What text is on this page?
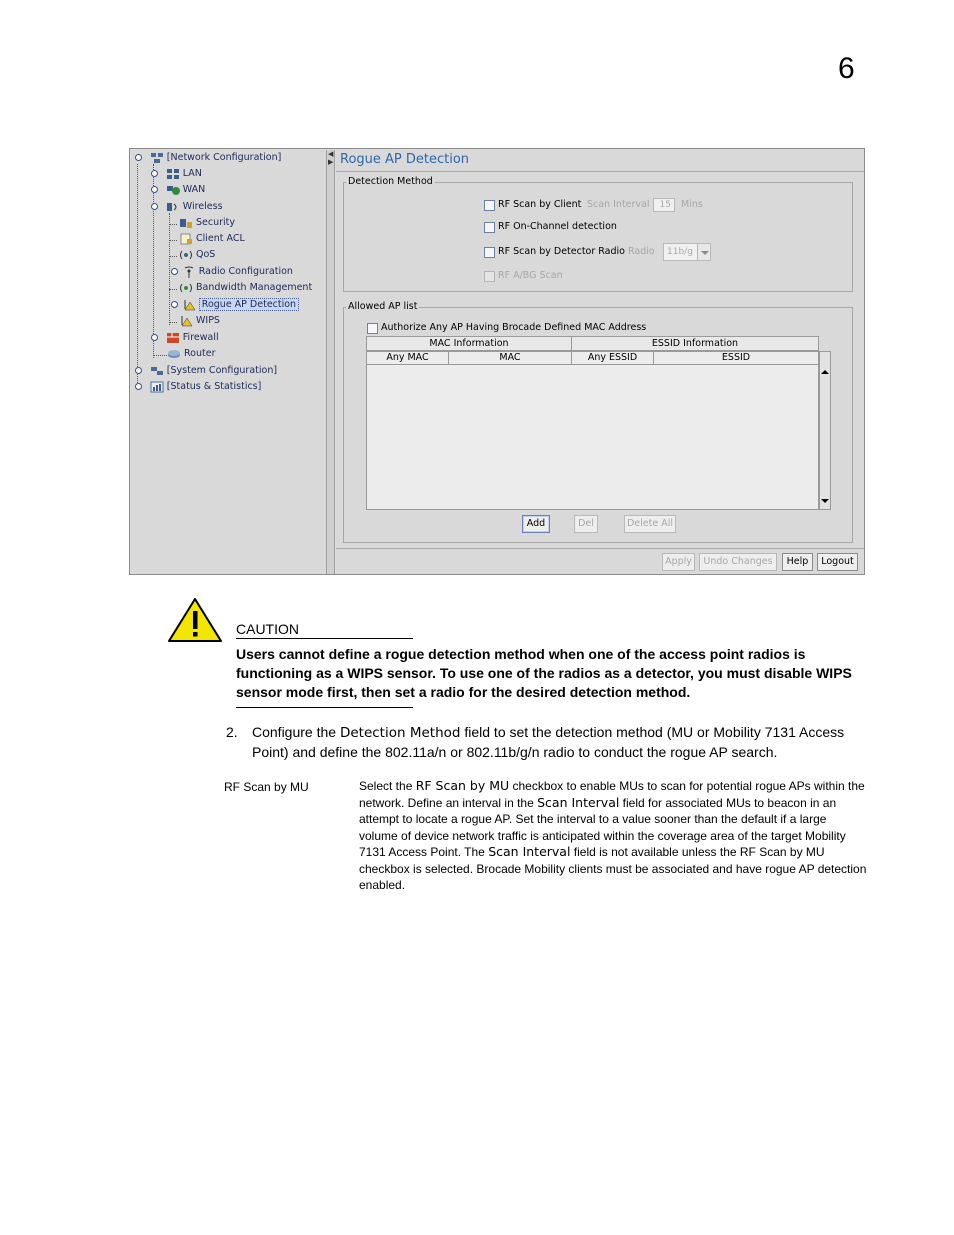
6
[Network Configuration]
LAN
WAN
Wireless
Security
Client ACL
QoS
Radio Configuration
Bandwidth Management
Rogue AP Detection
WIPS
Firewall
Router
[System Configuration]
[Status & Statistics]
◀
▶ Rogue AP Detection
Detection Method
RF Scan by Client Scan Interval	15	Mins
RF On-Channel detection
RF Scan by Detector Radio Radio	11b/g
RF A/BG Scan
Allowed AP list
Authorize Any AP Having Brocade Defined MAC Address
MAC Information	ESSID Information
Any MAC	MAC	Any ESSID	ESSID
Add	Del	Delete All
Apply	Undo Changes	Help	Logout
CAUTION
Users cannot define a rogue detection method when one of the access point radios is functioning as a WIPS sensor. To use one of the radios as a detector, you must disable WIPS sensor mode first, then set a radio for the desired detection method.
2. Configure the Detection Method field to set the detection method (MU or Mobility 7131 Access Point) and define the 802.11a/n or 802.11b/g/n radio to conduct the rogue AP search.
RF Scan by MU	Select the RF Scan by MU checkbox to enable MUs to scan for potential rogue APs within the network. Define an interval in the Scan Interval field for associated MUs to beacon in an attempt to locate a rogue AP. Set the interval to a value sooner than the default if a large volume of device network traffic is anticipated within the coverage area of the target Mobility 7131 Access Point. The Scan Interval field is not available unless the RF Scan by MU checkbox is selected. Brocade Mobility clients must be associated and have rogue AP detection enabled.
